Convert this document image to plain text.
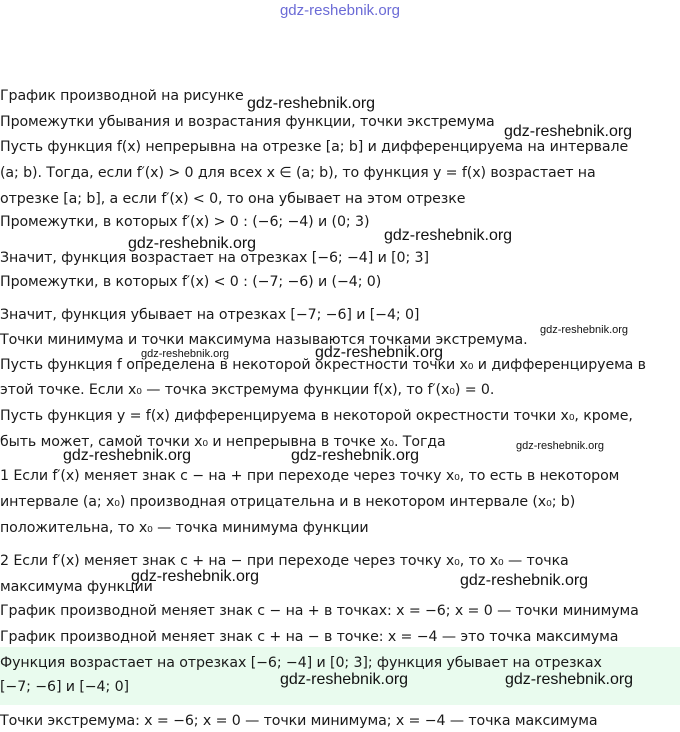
gdz-reshebnik.org
График производной на рисунке
Промежутки убывания и возрастания функции, точки экстремума
Пусть функция f(x) непрерывна на отрезке [a; b] и дифференцируема на интервале
(a; b). Тогда, если f′(x) > 0 для всех x ∈ (a; b), то функция y = f(x) возрастает на
отрезке [a; b], а если f′(x) < 0, то она убывает на этом отрезке
Промежутки, в которых f′(x) > 0 : (−6; −4) и (0; 3)
Значит, функция возрастает на отрезках [−6; −4] и [0; 3]
Промежутки, в которых f′(x) < 0 : (−7; −6) и (−4; 0)
Значит, функция убывает на отрезках [−7; −6] и [−4; 0]
Точки минимума и точки максимума называются точками экстремума.
Пусть функция f определена в некоторой окрестности точки x₀ и дифференцируема в
этой точке. Если x₀ — точка экстремума функции f(x), то f′(x₀) = 0.
Пусть функция y = f(x) дифференцируема в некоторой окрестности точки x₀, кроме,
быть может, самой точки x₀ и непрерывна в точке x₀. Тогда
1 Если f′(x) меняет знак с − на + при переходе через точку x₀, то есть в некотором
интервале (a; x₀) производная отрицательна и в некотором интервале (x₀; b)
положительна, то x₀ — точка минимума функции
2 Если f′(x) меняет знак с + на − при переходе через точку x₀, то x₀ — точка
максимума функции
График производной меняет знак с − на + в точках: x = −6; x = 0 — точки минимума
График производной меняет знак с + на − в точке: x = −4 — это точка максимума
Функция возрастает на отрезках [−6; −4] и [0; 3]; функция убывает на отрезках
[−7; −6] и [−4; 0]
Точки экстремума: x = −6; x = 0 — точки минимума; x = −4 — точка максимума
gdz-reshebnik.org
gdz-reshebnik.org
gdz-reshebnik.org	gdz-reshebnik.org
gdz-reshebnik.org
gdz-reshebnik.org	gdz-reshebnik.org
gdz-reshebnik.org
gdz-reshebnik.org	gdz-reshebnik.org
gdz-reshebnik.org	gdz-reshebnik.org
gdz-reshebnik.org	gdz-reshebnik.org
